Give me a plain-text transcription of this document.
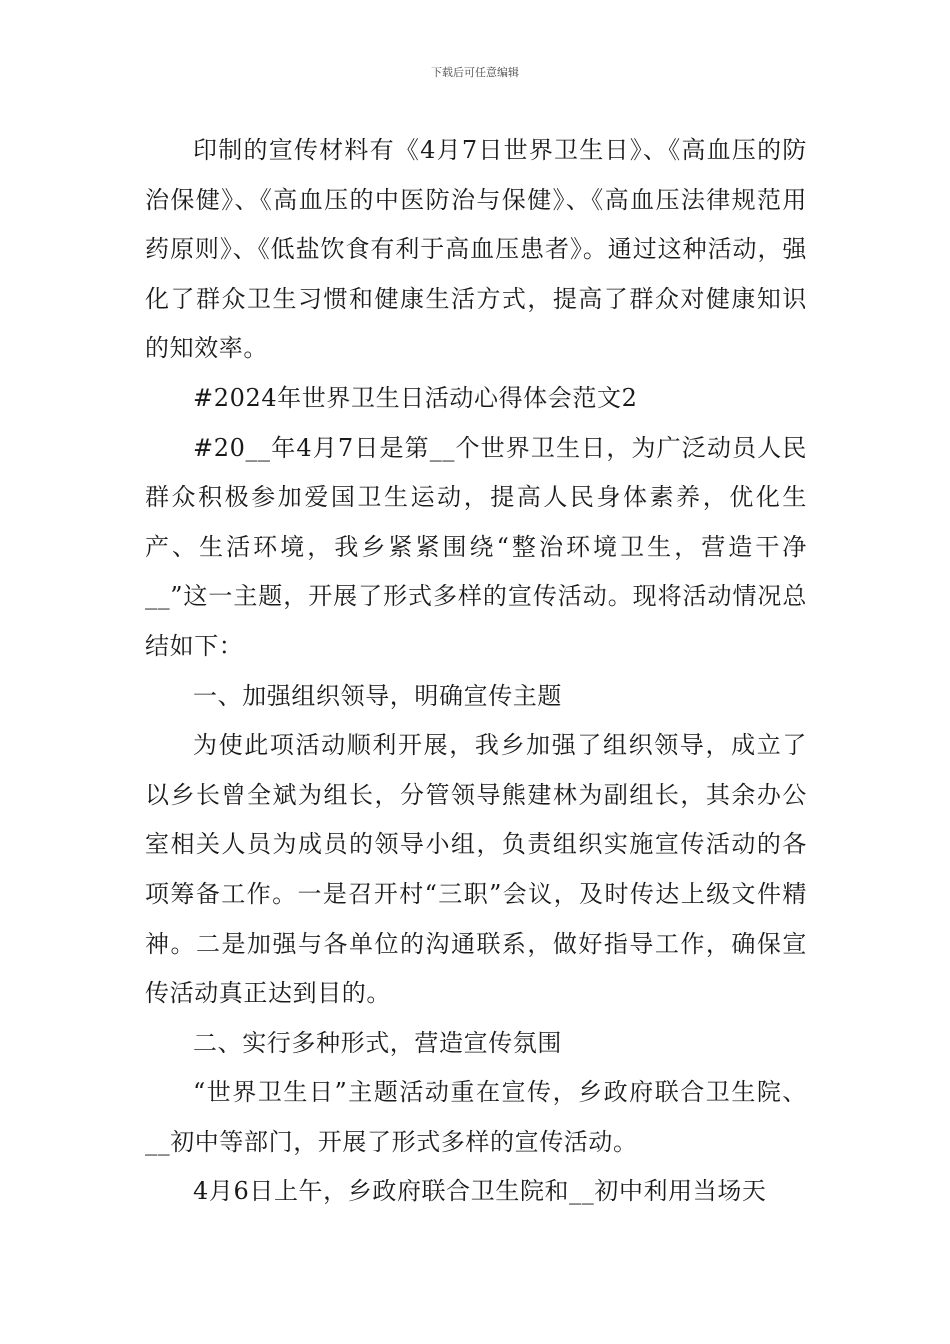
下载后可任意编辑

印制的宣传材料有《4月7日世界卫生日》、《高血压的防治保健》、《高血压的中医防治与保健》、《高血压法律规范用药原则》、《低盐饮食有利于高血压患者》。通过这种活动，强化了群众卫生习惯和健康生活方式，提高了群众对健康知识的知效率。

#2024年世界卫生日活动心得体会范文2

#20__年4月7日是第__个世界卫生日，为广泛动员人民群众积极参加爱国卫生运动，提高人民身体素养，优化生产、生活环境，我乡紧紧围绕“整治环境卫生，营造干净__”这一主题，开展了形式多样的宣传活动。现将活动情况总结如下：

一、加强组织领导，明确宣传主题

为使此项活动顺利开展，我乡加强了组织领导，成立了以乡长曾全斌为组长，分管领导熊建林为副组长，其余办公室相关人员为成员的领导小组，负责组织实施宣传活动的各项筹备工作。一是召开村“三职”会议，及时传达上级文件精神。二是加强与各单位的沟通联系，做好指导工作，确保宣传活动真正达到目的。

二、实行多种形式，营造宣传氛围

“世界卫生日”主题活动重在宣传，乡政府联合卫生院、__初中等部门，开展了形式多样的宣传活动。

4月6日上午，乡政府联合卫生院和__初中利用当场天
